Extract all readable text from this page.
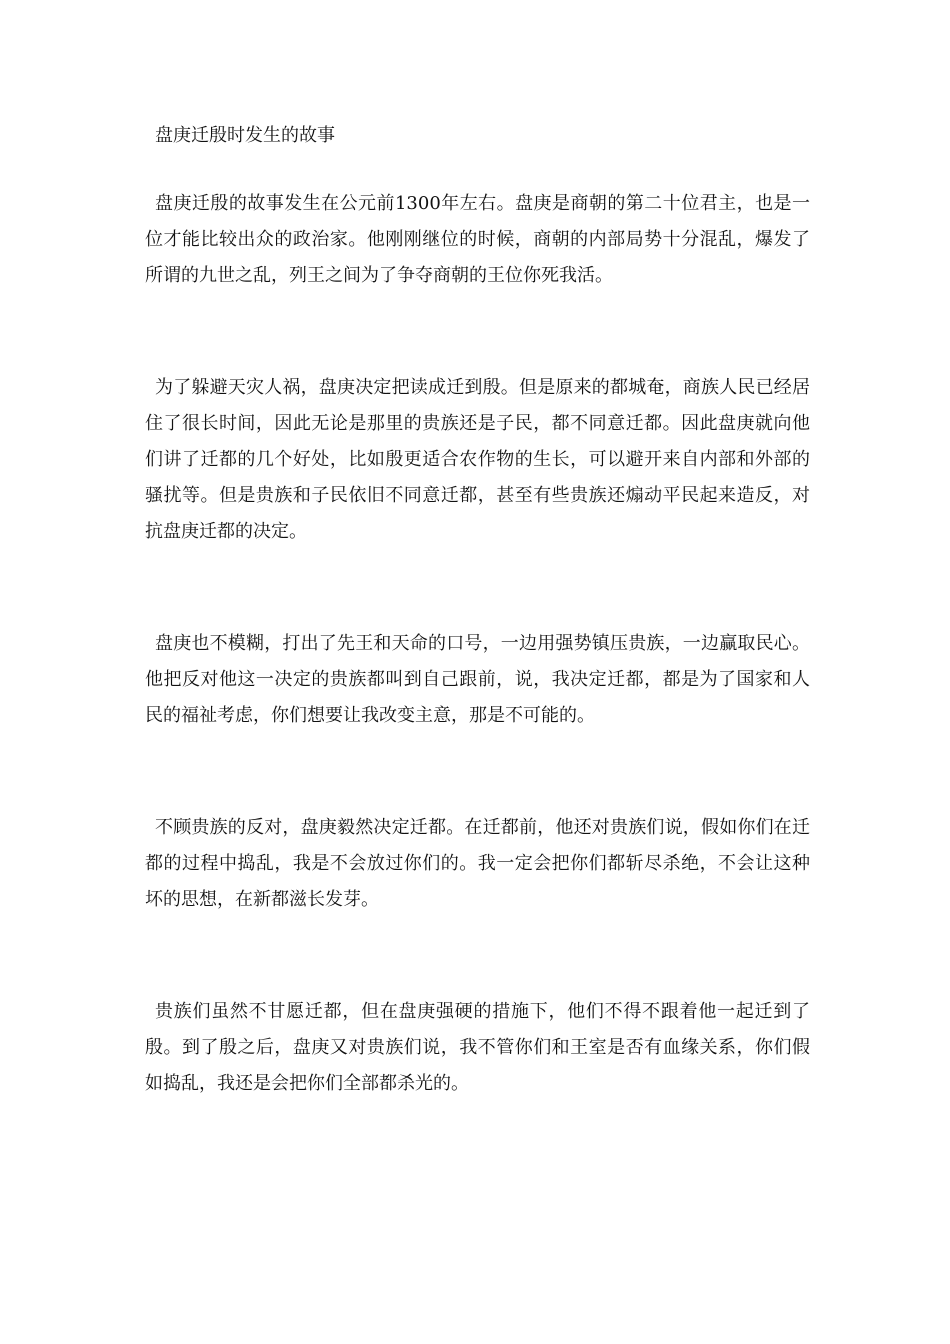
盘庚迁殷时发生的故事

盘庚迁殷的故事发生在公元前1300年左右。盘庚是商朝的第二十位君主，也是一位才能比较出众的政治家。他刚刚继位的时候，商朝的内部局势十分混乱，爆发了所谓的九世之乱，列王之间为了争夺商朝的王位你死我活。

为了躲避天灾人祸，盘庚决定把读成迁到殷。但是原来的都城奄，商族人民已经居住了很长时间，因此无论是那里的贵族还是子民，都不同意迁都。因此盘庚就向他们讲了迁都的几个好处，比如殷更适合农作物的生长，可以避开来自内部和外部的骚扰等。但是贵族和子民依旧不同意迁都，甚至有些贵族还煽动平民起来造反，对抗盘庚迁都的决定。

盘庚也不模糊，打出了先王和天命的口号，一边用强势镇压贵族，一边赢取民心。他把反对他这一决定的贵族都叫到自己跟前，说，我决定迁都，都是为了国家和人民的福祉考虑，你们想要让我改变主意，那是不可能的。

不顾贵族的反对，盘庚毅然决定迁都。在迁都前，他还对贵族们说，假如你们在迁都的过程中捣乱，我是不会放过你们的。我一定会把你们都斩尽杀绝，不会让这种坏的思想，在新都滋长发芽。

贵族们虽然不甘愿迁都，但在盘庚强硬的措施下，他们不得不跟着他一起迁到了殷。到了殷之后，盘庚又对贵族们说，我不管你们和王室是否有血缘关系，你们假如捣乱，我还是会把你们全部都杀光的。
